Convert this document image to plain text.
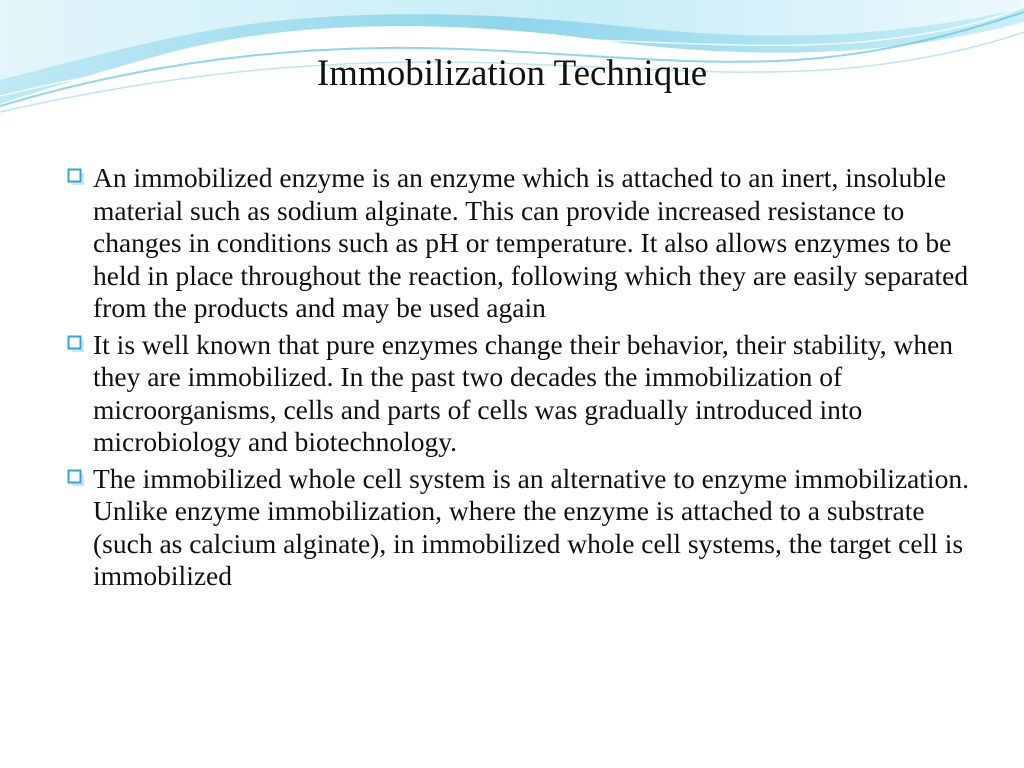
Immobilization Technique
An immobilized enzyme is an enzyme which is attached to an inert, insoluble material such as sodium alginate. This can provide increased resistance to changes in conditions such as pH or temperature. It also allows enzymes to be held in place throughout the reaction, following which they are easily separated from the products and may be used again
It is well known that pure enzymes change their behavior, their stability, when they are immobilized. In the past two decades the immobilization of microorganisms, cells and parts of cells was gradually introduced into microbiology and biotechnology.
The immobilized whole cell system is an alternative to enzyme immobilization. Unlike enzyme immobilization, where the enzyme is attached to a substrate (such as calcium alginate), in immobilized whole cell systems, the target cell is immobilized
